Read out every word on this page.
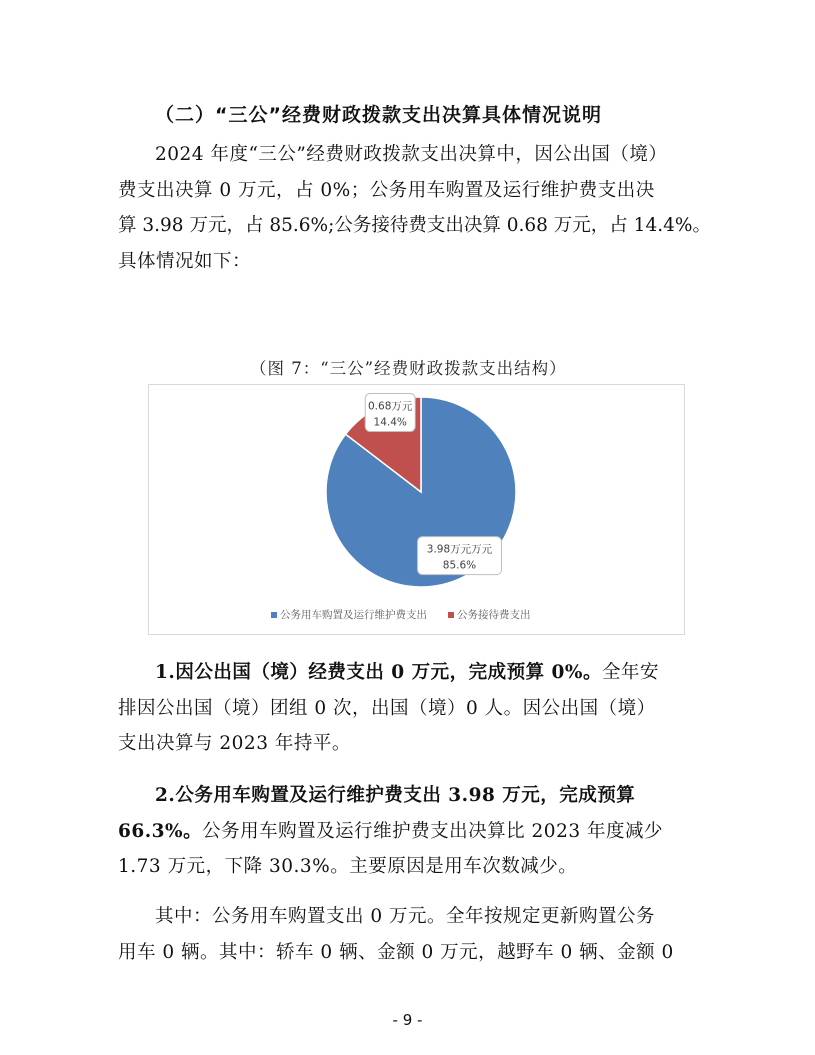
（二）“三公”经费财政拨款支出决算具体情况说明

2024 年度“三公”经费财政拨款支出决算中，因公出国（境）

费支出决算 0 万元，占 0%；公务用车购置及运行维护费支出决

算 3.98 万元，占 85.6%;公务接待费支出决算 0.68 万元，占 14.4%。

具体情况如下：

（图 7：“三公”经费财政拨款支出结构）
3.98万元万元
85.6%
0.68万元
14.4%
公务用车购置及运行维护费支出	公务接待费支出

1.因公出国（境）经费支出 0 万元，完成预算 0%。全年安

排因公出国（境）团组 0 次，出国（境）0 人。因公出国（境）

支出决算与 2023 年持平。

2.公务用车购置及运行维护费支出 3.98 万元，完成预算

66.3%。公务用车购置及运行维护费支出决算比 2023 年度减少

1.73 万元，下降 30.3%。主要原因是用车次数减少。

其中：公务用车购置支出 0 万元。全年按规定更新购置公务

用车 0 辆。其中：轿车 0 辆、金额 0 万元，越野车 0 辆、金额 0

- 9 -
